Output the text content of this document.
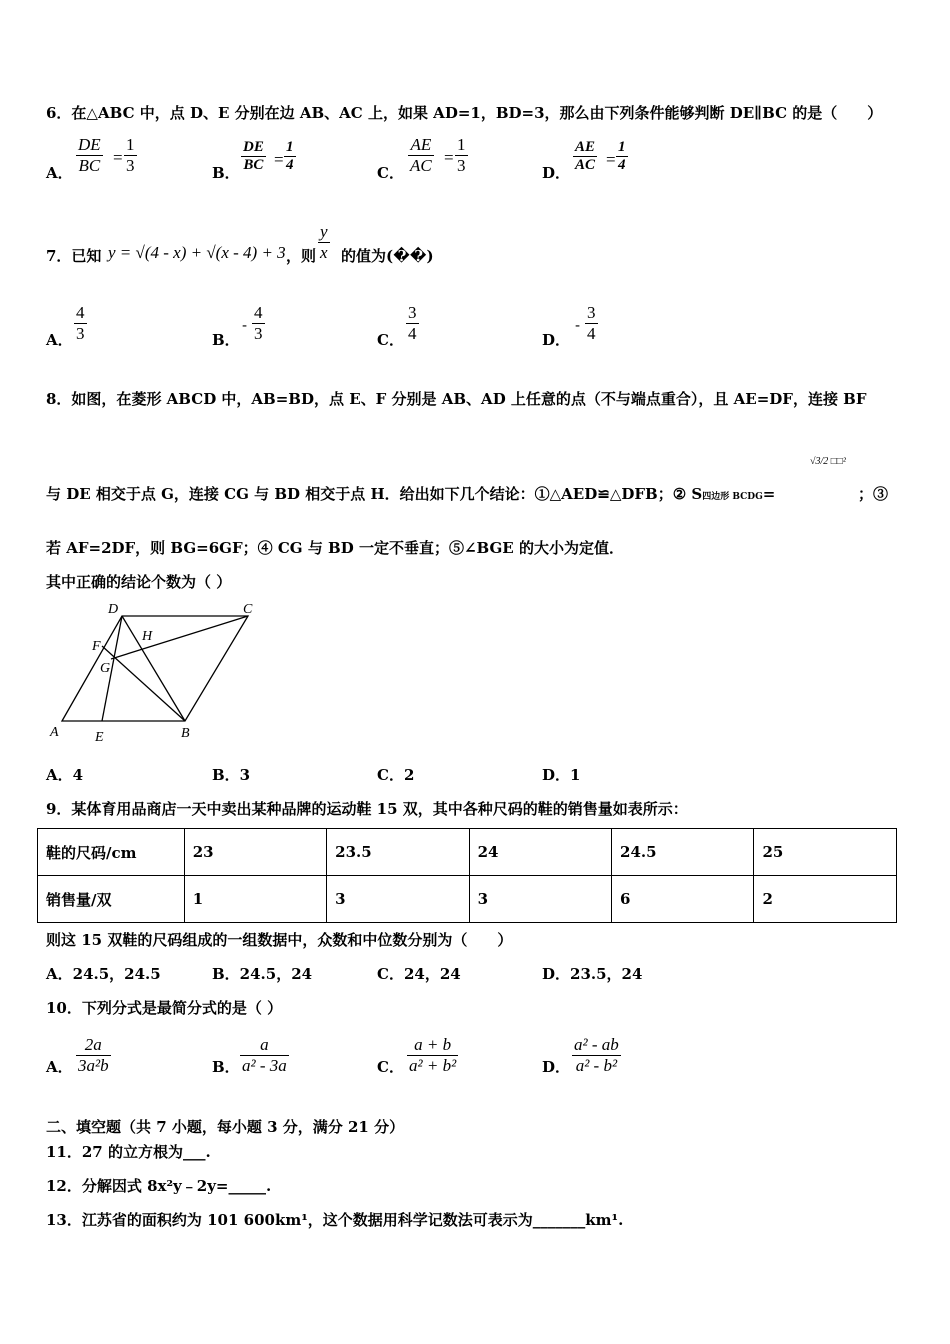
6．在△ABC 中，点 D、E 分别在边 AB、AC 上，如果 AD=1，BD=3，那么由下列条件能够判断 DE∥BC 的是（　　）
A． $\frac{DE}{BC} = \frac{1}{3}$	B． $\frac{DE}{BC} = \frac{1}{4}$	C． $\frac{AE}{AC} = \frac{1}{3}$	D． $\frac{AE}{AC} = \frac{1}{4}$
7．已知 y = √(4 - x) + √(x - 4) + 3 ，则 $\frac{y}{x}$ 的值为(��)
A． $\frac{4}{3}$	B．
- $\frac{4}{3}$	C． $\frac{3}{4}$	D．
- $\frac{3}{4}$
8．如图，在菱形 ABCD 中，AB=BD，点 E、F 分别是 AB、AD 上任意的点（不与端点重合），且 AE=DF，连接 BF
与 DE 相交于点 G，连接 CG 与 BD 相交于点 H．给出如下几个结论：①△AED≌△DFB；② S四边形 BCDG=
√3/2 □□²
；③
若 AF=2DF，则 BG=6GF；④ CG 与 BD 一定不垂直；⑤∠BGE 的大小为定值．
其中正确的结论个数为（ ）
A	B
C
D
E
F
G
H
A．4	B．3	C．2	D．1
9．某体育用品商店一天中卖出某种品牌的运动鞋 15 双，其中各种尺码的鞋的销售量如表所示：
鞋的尺码/cm	23	23.5	24	24.5	25
销售量/双	1	3	3	6	2
则这 15 双鞋的尺码组成的一组数据中，众数和中位数分别为（　　）
A．24.5，24.5	B．24.5，24	C．24，24	D．23.5，24
10．下列分式是最简分式的是（ ）
A． $\frac{2a}{\text{3a²b}}$	B． $\frac{a}{\text{a² - 3a}}$	C． $\frac{a + b}{\text{a² + b²}}$	D． $\frac{\text{a² - ab}}{\text{a² - b²}}$
二、填空题（共 7 小题，每小题 3 分，满分 21 分）
11．27 的立方根为___.
12．分解因式 8x²y﹣2y=_____.
13．江苏省的面积约为 101 600km¹，这个数据用科学记数法可表示为_______km¹.
